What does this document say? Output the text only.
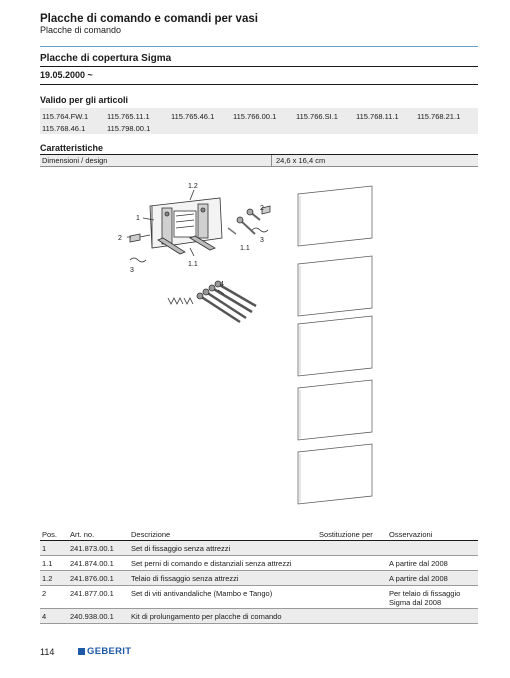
Placche di comando e comandi per vasi
Placche di comando
Placche di copertura Sigma
19.05.2000 ~
Valido per gli articoli
115.764.FW.1	115.765.11.1	115.765.46.1	115.766.00.1	115.766.SI.1 115.768.11.1 115.768.21.1
115.768.46.1	115.798.00.1
Caratteristiche
Dimensioni / design	24,6 x 16,4 cm
1.2
1
2
3
1.1
2
3
1.1
4
Pos. Art. no.	Descrizione	Sostituzione per Osservazioni
1	241.873.00.1 Set di fissaggio senza attrezzi
1.1 241.874.00.1 Set perni di comando e distanziali senza attrezzi	A partire dal 2008
1.2 241.876.00.1 Telaio di fissaggio senza attrezzi	A partire dal 2008
2	241.877.00.1 Set di viti antivandaliche (Mambo e Tango)	Per telaio di fissaggio
Sigma dal 2008
4	240.938.00.1 Kit di prolungamento per placche di comando
114	GEBERIT
